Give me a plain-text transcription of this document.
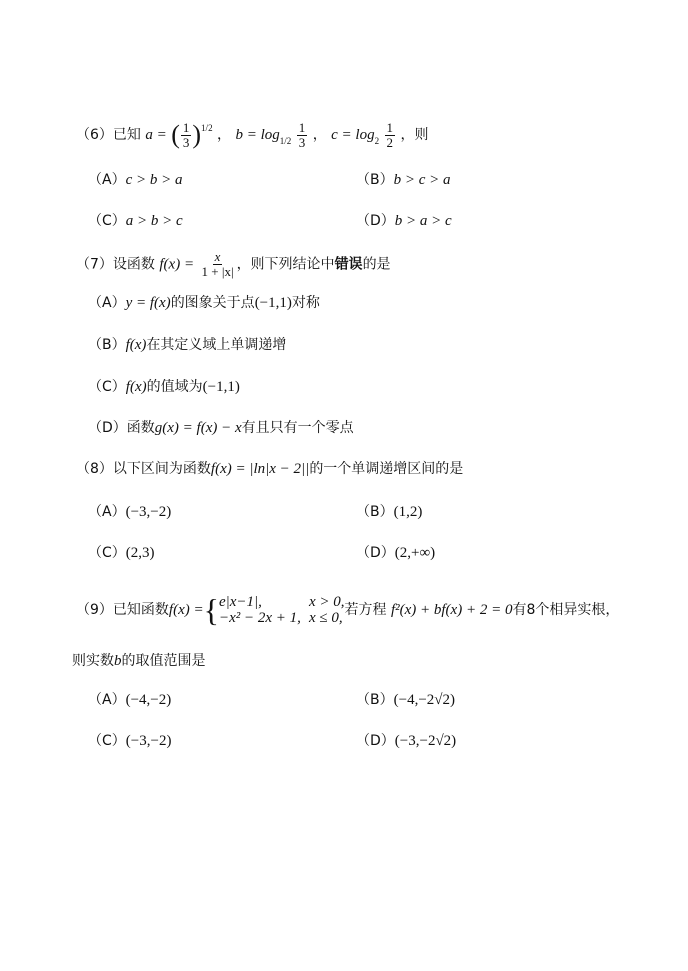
（6）已知 a = ( $\frac{1}{3} )^{1/2}$ ， $b = \log_{1/2} \frac{1}{3}$ ， $c = \log_2 \frac{1}{2}$ ，则
（A）c > b > a	（B）b > c > a
（C）a > b > c	（D）b > a > c
（7）设函数 $f(x) = \frac{x}{1 + |x|}$ ，则下列结论中错误的是
（A）y = f(x)的图象关于点(−1,1)对称
（B）f(x)在其定义域上单调递增
（C）f(x)的值域为(−1,1)
（D）函数g(x) = f(x) − x有且只有一个零点
（8）以下区间为函数f(x) = |ln|x − 2||的一个单调递增区间的是
（A）(−3,−2)	（B）(1,2)
（C）(2,3)	（D）(2,+∞)
（9）已知函数f(x) ={ e|x−1|,	x > 0,
−x² − 2x + 1, x ≤ 0, 若方程 f²(x) + bf(x) + 2 = 0有8个相异实根，
则实数b的取值范围是
（A）(−4,−2)	（B）(−4,−2√2)
（C）(−3,−2)	（D）(−3,−2√2)
